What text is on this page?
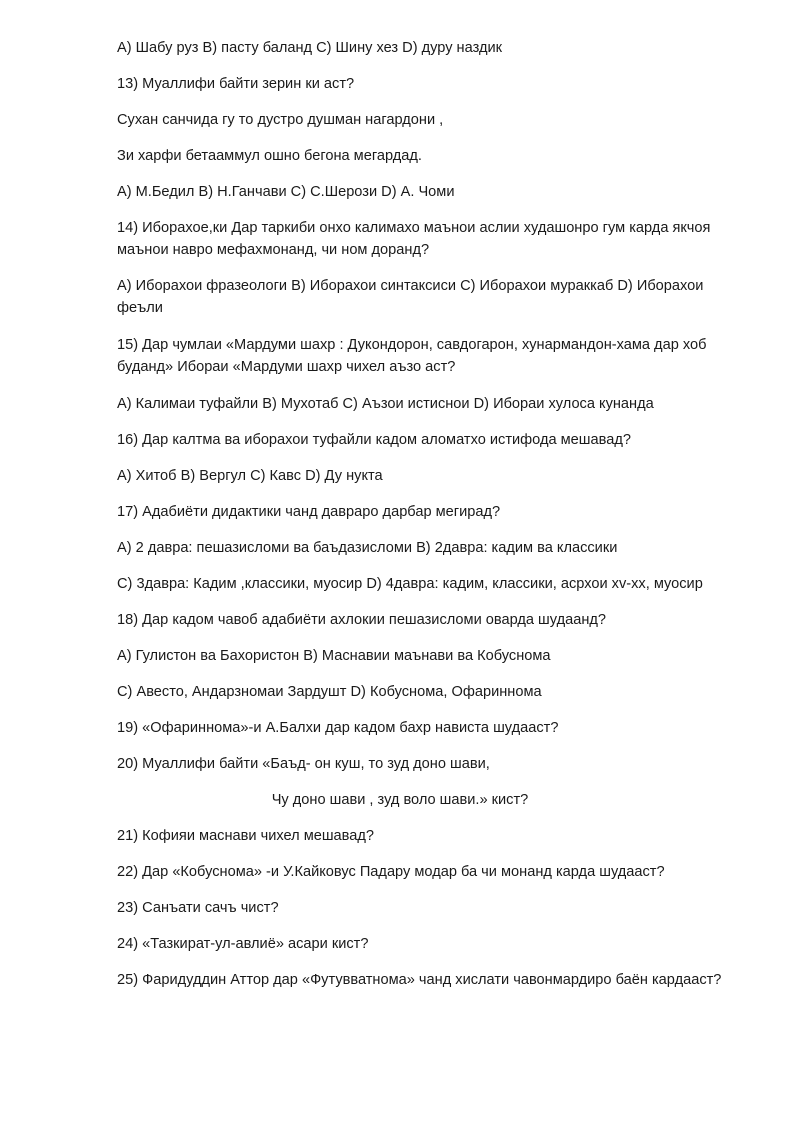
A) Шабу руз B) пасту баланд C) Шину хез D) дуру наздик
13) Муаллифи байти зерин ки аст?
Сухан санчида гу то дустро душман нагардони ,
Зи харфи бетааммул ошно бегона мегардад.
A) М.Бедил B) Н.Ганчави C) С.Шерози D) А. Чоми
14) Иборахое,ки Дар таркиби онхо калимахо маънои аслии худашонро гум карда якчоя маънои навро мефахмонанд, чи ном доранд?
A) Иборахои фразеологи B) Иборахои синтаксиси C) Иборахои мураккаб D) Иборахои феъли
15) Дар чумлаи «Мардуми шахр : Дукондорон, савдогарон, хунармандон-хама дар хоб буданд» Ибораи «Мардуми шахр чихел аъзо аст?
A) Калимаи туфайли B) Мухотаб C) Аъзои истиснои D) Ибораи хулоса кунанда
16) Дар калтма ва иборахои туфайли кадом аломатхо истифода мешавад?
A) Хитоб B) Вергул C) Кавс D) Ду нукта
17) Адабиёти дидактики чанд давраро дарбар мегирад?
A) 2 давра: пешазисломи ва баъдазисломи B) 2давра: кадим ва классики
C) 3давра: Кадим ,классики, муосир D) 4давра: кадим, классики, асрхои xv-xx, муосир
18) Дар кадом чавоб адабиёти ахлокии пешазисломи оварда шудаанд?
A) Гулистон ва Бахористон B) Маснавии маънави ва Кобуснома
C) Авесто, Андарзномаи Зардушт D) Кобуснома, Офариннома
19) «Офариннома»-и А.Балхи дар кадом бахр нависта шудааст?
20) Муаллифи байти «Баъд- он куш, то зуд доно шави,
Чу доно шави , зуд воло шави.» кист?
21) Кофияи маснави чихел мешавад?
22) Дар «Кобуснома» -и У.Кайковус Падару модар ба чи монанд карда шудааст?
23) Санъати сачъ чист?
24) «Тазкират-ул-авлиё» асари кист?
25) Фаридуддин Аттор дар «Футувватнома» чанд хислати чавонмардиро баён кардааст?
